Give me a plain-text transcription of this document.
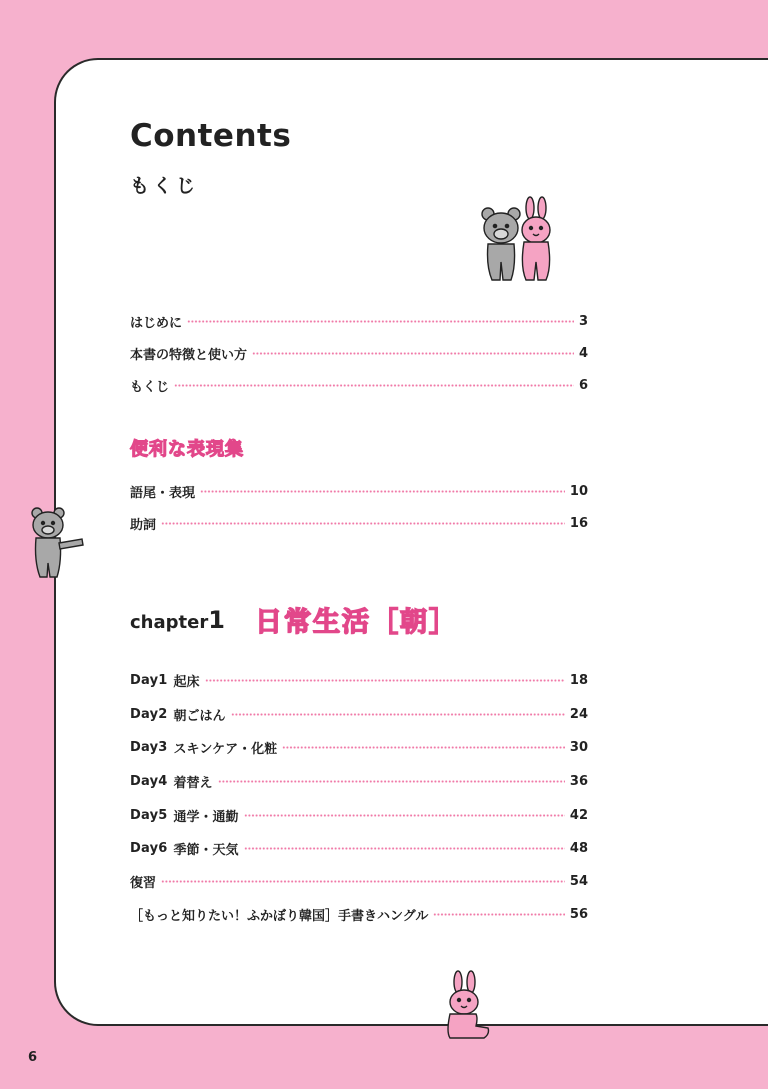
Contents
もくじ
はじめに	3
本書の特徴と使い方	4
もくじ	6
便利な表現集
語尾・表現	10
助詞	16
chapter1 日常生活［朝］
Day1 起床	18
Day2 朝ごはん	24
Day3 スキンケア・化粧	30
Day4 着替え	36
Day5 通学・通勤	42
Day6 季節・天気	48
復習	54
［もっと知りたい！ふかぼり韓国］手書きハングル	56
6
